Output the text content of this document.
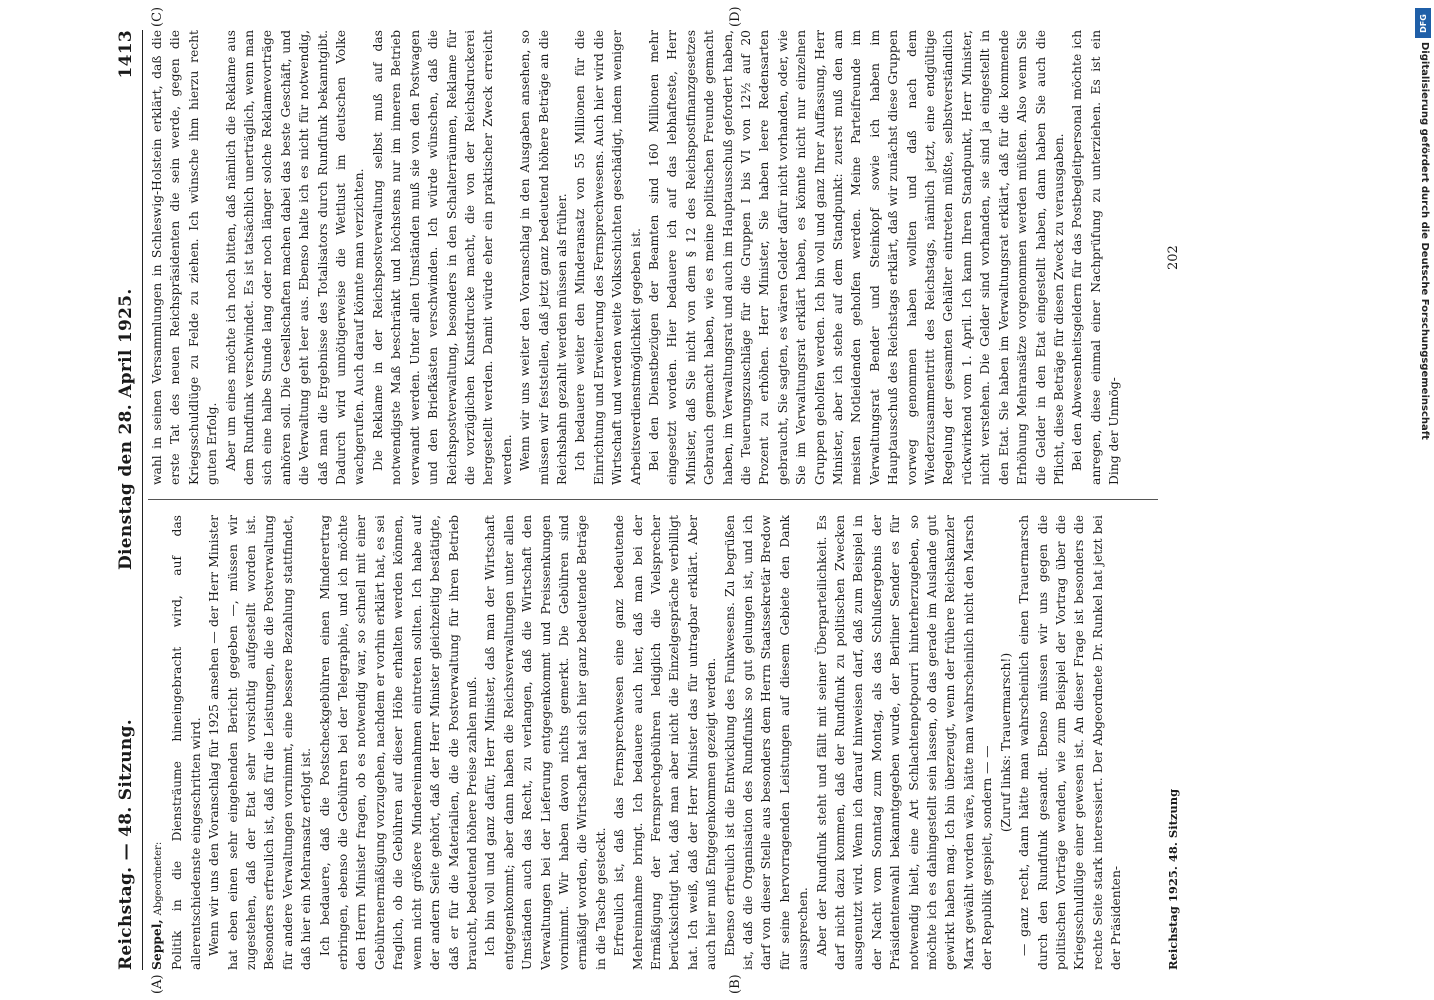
Reichstag. — 48. Sitzung.
Dienstag den 28. April 1925.
1413
(A)	(B)
(C)	(D)

Seppel, Abgeordneter: Politik in die Diensträume hineingebracht wird, auf das allerentschiedenste eingeschritten wird. Wenn wir uns den Voranschlag für 1925 ansehen — der Herr Minister hat eben einen sehr eingehenden Bericht gegeben —, müssen wir zugestehen, daß der Etat sehr vorsichtig aufgestellt worden ist. Besonders erfreulich ist, daß für die Leistungen, die die Postverwaltung für andere Verwaltungen vornimmt, eine bessere Bezahlung stattfindet, daß hier ein Mehransatz erfolgt ist. Ich bedauere, daß die Postscheckgebühren einen Minderertrag erbringen, ebenso die Gebühren bei der Telegraphie, und ich möchte den Herrn Minister fragen, ob es notwendig war, so schnell mit einer Gebührenermäßigung vorzugehen, nachdem er vorhin erklärt hat, es sei fraglich, ob die Gebühren auf dieser Höhe erhalten werden können, wenn nicht größere Mindereinnahmen eintreten sollten. Ich habe auf der andern Seite gehört, daß der Herr Minister gleichzeitig bestätigte, daß er für die Materialien, die die Postverwaltung für ihren Betrieb braucht, bedeutend höhere Preise zahlen muß. Ich bin voll und ganz dafür, Herr Minister, daß man der Wirtschaft entgegenkommt; aber dann haben die Reichsverwaltungen unter allen Umständen auch das Recht, zu verlangen, daß die Wirtschaft den Verwaltungen bei der Lieferung entgegenkommt und Preissenkungen vornimmt. Wir haben davon nichts gemerkt. Die Gebühren sind ermäßigt worden, die Wirtschaft hat sich hier ganz bedeutende Beträge in die Tasche gesteckt. Erfreulich ist, daß das Fernsprechwesen eine ganz bedeutende Mehreinnahme bringt. Ich bedauere auch hier, daß man bei der Ermäßigung der Fernsprechgebühren lediglich die Vielsprecher berücksichtigt hat, daß man aber nicht die Einzelgespräche verbilligt hat. Ich weiß, daß der Herr Minister das für untragbar erklärt. Aber auch hier muß Entgegenkommen gezeigt werden. Ebenso erfreulich ist die Entwicklung des Funkwesens. Zu begrüßen ist, daß die Organisation des Rundfunks so gut gelungen ist, und ich darf von dieser Stelle aus besonders dem Herrn Staatssekretär Bredow für seine hervorragenden Leistungen auf diesem Gebiete den Dank aussprechen. Aber der Rundfunk steht und fällt mit seiner Überparteilichkeit. Es darf nicht dazu kommen, daß der Rundfunk zu politischen Zwecken ausgenutzt wird. Wenn ich darauf hinweisen darf, daß zum Beispiel in der Nacht vom Sonntag zum Montag, als das Schlußergebnis der Präsidentenwahl bekanntgegeben wurde, der Berliner Sender es für notwendig hielt, eine Art Schlachtenpotpourri hinterherzugeben, so möchte ich es dahingestellt sein lassen, ob das gerade im Auslande gut gewirkt haben mag. Ich bin überzeugt, wenn der frühere Reichskanzler Marx gewählt worden wäre, hätte man wahrscheinlich nicht den Marsch der Republik gespielt, sondern — —

(Zuruf links: Trauermarsch!) — ganz recht, dann hätte man wahrscheinlich einen Trauermarsch durch den Rundfunk gesandt. Ebenso müssen wir uns gegen die politischen Vorträge wenden, wie zum Beispiel der Vortrag über die Kriegsschuldlüge einer gewesen ist. An dieser Frage ist besonders die rechte Seite stark interessiert. Der Abgeordnete Dr. Runkel hat jetzt bei der Präsidenten-

wahl in seinen Versammlungen in Schleswig-Holstein erklärt, daß die erste Tat des neuen Reichspräsidenten die sein werde, gegen die Kriegsschuldlüge zu Felde zu ziehen. Ich wünsche ihm hierzu recht guten Erfolg. Aber um eines möchte ich noch bitten, daß nämlich die Reklame aus dem Rundfunk verschwindet. Es ist tatsächlich unerträglich, wenn man sich eine halbe Stunde lang oder noch länger solche Reklamevorträge anhören soll. Die Gesellschaften machen dabei das beste Geschäft, und die Verwaltung geht leer aus. Ebenso halte ich es nicht für notwendig, daß man die Ergebnisse des Totalisators durch Rundfunk bekanntgibt. Dadurch wird unnötigerweise die Wettlust im deutschen Volke wachgerufen. Auch darauf könnte man verzichten. Die Reklame in der Reichspostverwaltung selbst muß auf das notwendigste Maß beschränkt und höchstens nur im inneren Betrieb verwandt werden. Unter allen Umständen muß sie von den Postwagen und den Briefkästen verschwinden. Ich würde wünschen, daß die Reichspostverwaltung, besonders in den Schalterräumen, Reklame für die vorzüglichen Kunstdrucke macht, die von der Reichsdruckerei hergestellt werden. Damit würde eher ein praktischer Zweck erreicht werden. Wenn wir uns weiter den Voranschlag in den Ausgaben ansehen, so müssen wir feststellen, daß jetzt ganz bedeutend höhere Beträge an die Reichsbahn gezahlt werden müssen als früher. Ich bedauere weiter den Minderansatz von 55 Millionen für die Einrichtung und Erweiterung des Fernsprechwesens. Auch hier wird die Wirtschaft und werden weite Volksschichten geschädigt, indem weniger Arbeitsverdienstmöglichkeit gegeben ist. Bei den Dienstbezügen der Beamten sind 160 Millionen mehr eingesetzt worden. Hier bedauere ich auf das lebhafteste, Herr Minister, daß Sie nicht von dem § 12 des Reichspostfinanzgesetzes Gebrauch gemacht haben, wie es meine politischen Freunde gemacht haben, im Verwaltungsrat und auch im Hauptausschuß gefordert haben, die Teuerungszuschläge für die Gruppen I bis VI von 12½ auf 20 Prozent zu erhöhen. Herr Minister, Sie haben leere Redensarten gebraucht, Sie sagten, es wären Gelder dafür nicht vorhanden, oder, wie Sie im Verwaltungsrat erklärt haben, es könnte nicht nur einzelnen Gruppen geholfen werden. Ich bin voll und ganz Ihrer Auffassung, Herr Minister, aber ich stehe auf dem Standpunkt: zuerst muß den am meisten Notleidenden geholfen werden. Meine Parteifreunde im Verwaltungsrat Bender und Steinkopf sowie ich haben im Hauptausschuß des Reichstags erklärt, daß wir zunächst diese Gruppen vorweg genommen haben wollten und daß nach dem Wiederzusammentritt des Reichstags, nämlich jetzt, eine endgültige Regelung der gesamten Gehälter eintreten müßte, selbstverständlich rückwirkend vom 1. April. Ich kann Ihren Standpunkt, Herr Minister, nicht verstehen. Die Gelder sind vorhanden, sie sind ja eingestellt in den Etat. Sie haben im Verwaltungsrat erklärt, daß für die kommende Erhöhung Mehransätze vorgenommen werden müßten. Also wenn Sie die Gelder in den Etat eingestellt haben, dann haben Sie auch die Pflicht, diese Beträge für diesen Zweck zu verausgaben. Bei den Abwesenheitsgeldern für das Postbegleitpersonal möchte ich anregen, diese einmal einer Nachprüfung zu unterziehen. Es ist ein Ding der Unmög-

Reichstag 1925. 48. Sitzung
202
DFG
Digitalisierung gefördert durch die Deutsche Forschungsgemeinschaft
